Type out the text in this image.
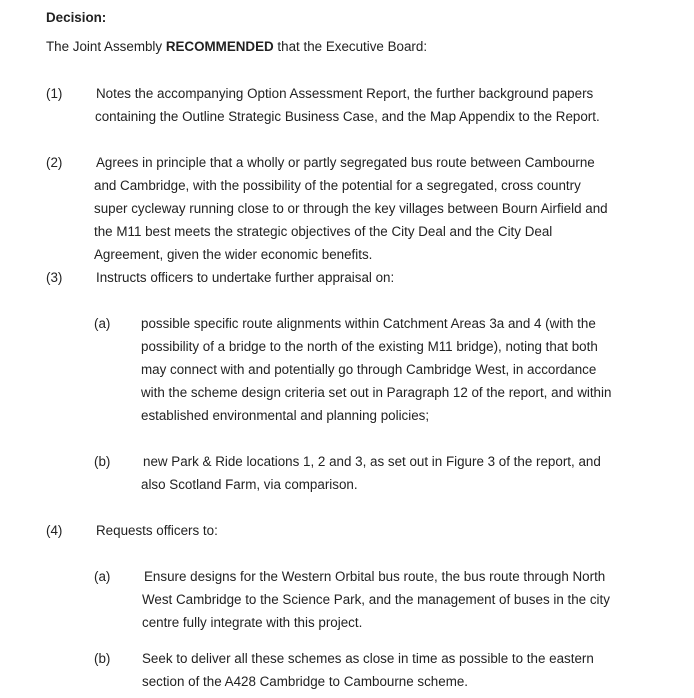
Decision:
The Joint Assembly RECOMMENDED that the Executive Board:
(1)	Notes the accompanying Option Assessment Report, the further background papers
containing the Outline Strategic Business Case, and the Map Appendix to the Report.
(2)	Agrees in principle that a wholly or partly segregated bus route between Cambourne
and Cambridge, with the possibility of the potential for a segregated, cross country
super cycleway running close to or through the key villages between Bourn Airfield and
the M11 best meets the strategic objectives of the City Deal and the City Deal
Agreement, given the wider economic benefits.
(3)	Instructs officers to undertake further appraisal on:
(a) possible specific route alignments within Catchment Areas 3a and 4 (with the
possibility of a bridge to the north of the existing M11 bridge), noting that both
may connect with and potentially go through Cambridge West, in accordance
with the scheme design criteria set out in Paragraph 12 of the report, and within
established environmental and planning policies;
(b) new Park & Ride locations 1, 2 and 3, as set out in Figure 3 of the report, and
also Scotland Farm, via comparison.
(4)	Requests officers to:
(a)	Ensure designs for the Western Orbital bus route, the bus route through North
West Cambridge to the Science Park, and the management of buses in the city
centre fully integrate with this project.
(b) Seek to deliver all these schemes as close in time as possible to the eastern
section of the A428 Cambridge to Cambourne scheme.
